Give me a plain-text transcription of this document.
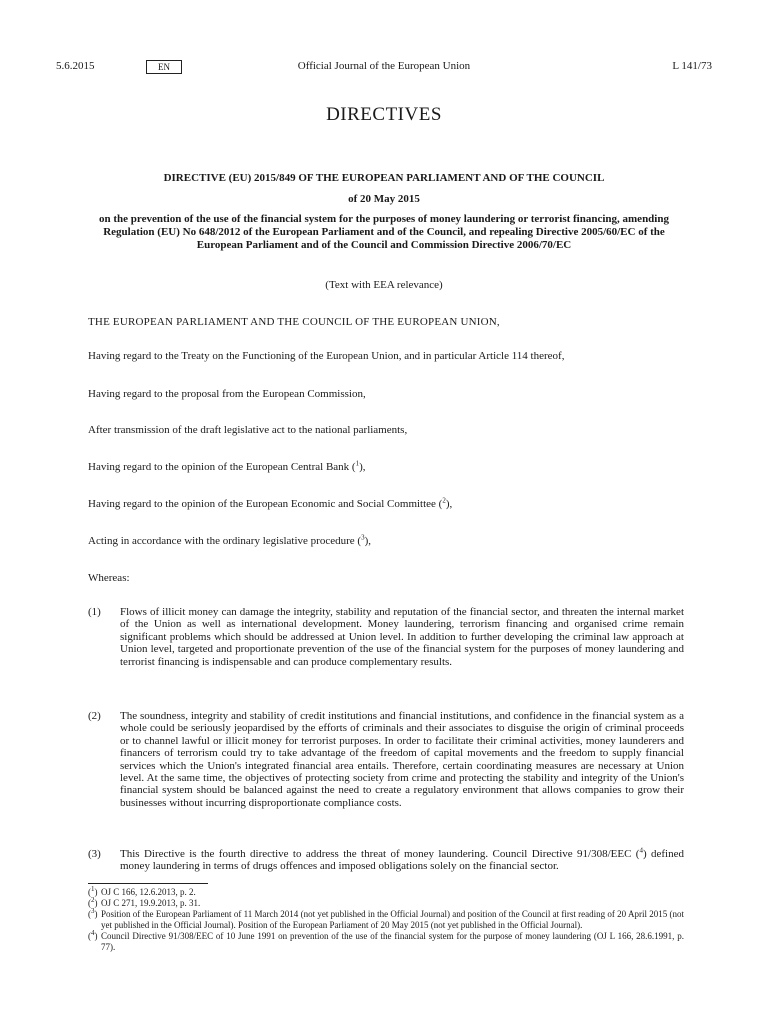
5.6.2015	Official Journal of the European Union
EN	L 141/73
DIRECTIVES
DIRECTIVE (EU) 2015/849 OF THE EUROPEAN PARLIAMENT AND OF THE COUNCIL
of 20 May 2015
on the prevention of the use of the financial system for the purposes of money laundering or terrorist financing, amending Regulation (EU) No 648/2012 of the European Parliament and of the Council, and repealing Directive 2005/60/EC of the European Parliament and of the Council and Commission Directive 2006/70/EC
(Text with EEA relevance)
THE EUROPEAN PARLIAMENT AND THE COUNCIL OF THE EUROPEAN UNION,
Having regard to the Treaty on the Functioning of the European Union, and in particular Article 114 thereof,
Having regard to the proposal from the European Commission,
After transmission of the draft legislative act to the national parliaments,
Having regard to the opinion of the European Central Bank ($^1$),
Having regard to the opinion of the European Economic and Social Committee ($^2$),
Acting in accordance with the ordinary legislative procedure ($^3$),
Whereas:
(1) Flows of illicit money can damage the integrity, stability and reputation of the financial sector, and threaten the internal market of the Union as well as international development. Money laundering, terrorism financing and organised crime remain significant problems which should be addressed at Union level. In addition to further developing the criminal law approach at Union level, targeted and proportionate prevention of the use of the financial system for the purposes of money laundering and terrorist financing is indispensable and can produce complementary results.
(2) The soundness, integrity and stability of credit institutions and financial institutions, and confidence in the financial system as a whole could be seriously jeopardised by the efforts of criminals and their associates to disguise the origin of criminal proceeds or to channel lawful or illicit money for terrorist purposes. In order to facilitate their criminal activities, money launderers and financers of terrorism could try to take advantage of the freedom of capital movements and the freedom to supply financial services which the Union's integrated financial area entails. Therefore, certain coordinating measures are necessary at Union level. At the same time, the objectives of protecting society from crime and protecting the stability and integrity of the Union's financial system should be balanced against the need to create a regulatory environment that allows companies to grow their businesses without incurring disproportionate compliance costs.
(3) This Directive is the fourth directive to address the threat of money laundering. Council Directive 91/308/EEC ($^4$) defined money laundering in terms of drugs offences and imposed obligations solely on the financial sector.
($^1$) OJ C 166, 12.6.2013, p. 2.
($^2$) OJ C 271, 19.9.2013, p. 31.
($^3$) Position of the European Parliament of 11 March 2014 (not yet published in the Official Journal) and position of the Council at first reading of 20 April 2015 (not yet published in the Official Journal). Position of the European Parliament of 20 May 2015 (not yet published in the Official Journal).
($^4$) Council Directive 91/308/EEC of 10 June 1991 on prevention of the use of the financial system for the purpose of money laundering (OJ L 166, 28.6.1991, p. 77).
